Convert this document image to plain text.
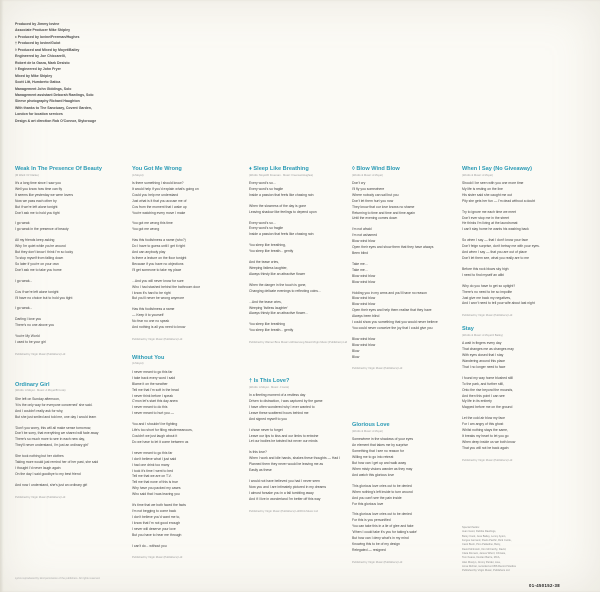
Produced by Jimmy Iovine
Associate Producer Mike Shipley
♦ Produced by Iovine/Freeman/Hughes
† Produced by Iovine/Guiot
◊ Produced and Mixed by Moyet/Bailey
Engineered by Joe Chiccarelli,
Robert de la Garza, Mark Desisto
◊ Engineered by John Fryer
Mixed by Mike Shipley
Scott Litt, Humberto Gatica
Management John Giddings, Solo
Management assistant Deborah Rawlings, Solo
Sleeve photography Richard Haughton
With thanks to The Sanctuary, Covent Garden,
London for location services
Design & art direction Rob O'Connor, Stylorouge
Weak In The Presence Of Beauty
(M Ward / R Clarke)
It's a long time since I saw you
Well you know how time can fly
It seems like yesterday we were lovers
Now we pass each other by
But if we're left alone tonight
Don't ask me to hold you tight
I go weak
I go weak in the presence of beauty
All my friends keep asking
Why I'm quiet while you're around
But they don't know I think I'm so lucky
To stop myself from falling down
So later if you're on your own
Don't ask me to take you home
I go weak...
Cos if we're left alone tonight
I'll have no choice but to hold you tight
I go weak...
Darling I love you
There's no one above you
You're My World
I used to be your girl
Published by Virgin Music (Publishers) Ltd
Ordinary Girl
(Words: A Moyet · Music: A Moyet/B Cook)
She left on Sunday afternoon,
'It is the only way for everyone concerned' she said.
And I couldn't really ask for why,
But she just smiled and told me, one day I would learn
'Don't you worry, this will all make sense tomorrow,
Don't be sorry, that everything we shared will fade away
There's so much more to see in each new day,
They'll never understand, I'm just an ordinary girl'
She took nothing but her clothes
Taking more would just remind her of her past, she said
I thought I'd never laugh again
On the day I said goodbye to my best friend
And now I understand, she's just an ordinary girl
Published by Virgin Music (Publishers) Ltd
You Got Me Wrong
(A Moyet)
Is there something I should know?
It would help if you'd explain what's going on
Could you help me understand
Just what is it that you accuse me of
Cos from the moment that I wake up
You're watching every move I make
You got me wrong this time
You got me wrong
Has this foolishness a name (who?)
Do I have to guess until I get it right
And can anybody play
Is there a lecture on the floor tonight
Because if you have no objections
I'll get someone to take my place
...And you will never know for sure
Who I had stashed behind the bathroom door
I know it's hard to be right
But you'll never be wrong anymore
Has this foolishness a name
— Keep it to yourself
No fear no one no speak
And nothing is all you need to know
Published by Virgin Music (Publishers) Ltd
Without You
(A Moyet)
I never meant to go this far
I take back every word I said
Blame it on the weather
Tell me that I'm soft in the head
I never think before I speak
C'mon let's start this day anew
I never meant to do this
I never meant to hurt you —
You and I shouldn't be fighting
Life's too short for filing misdemeanours,
Couldn't we just laugh about it
Do we have to let it come between us
I never meant to go this far
I don't believe what I just said
I had one drink too many
I took it's time I went to bed
Tell me that we are on T.V.
Tell me that none of this is true
Why have you packed my cases
Who said that I was leaving you
It's time that we both faced the facts
I'm not begging to come back
I don't believe you'd want me to,
I know that I'm not good enough
I never will deserve your love
But you have to hear me through
I can't do... without you
Published by Virgin Music (Publishers) Ltd
♦ Sleep Like Breathing
(Words: Moyet/D Freeman · Music: Freeman/Hughes)
Every word's so...
Every word's so fragile
Inside a passion that feels like chasing rain
When the slowness of the day is gone
Leaving shadow like feelings to depend upon
Every word's so...
Every word's so fragile
Inside a passion that feels like chasing rain
You sleep like breathing,
You sleep like breath... gently
And the tease cries,
Weeping listless laughter,
Always thirsty like an attractive flower
When the danger in the touch is gone,
Changing delicate evenings to reflecting coins...
...And the tease cries,
Weeping 'listless laughter'
Always thirsty like an attractive flower...
You sleep like breathing
You sleep like breath... gently
Published by Warner Bros Music Ltd/Intersong Music/Virgin Music (Publishers) Ltd
† Is This Love?
(Words: A Moyet · Music: J Guiot)
In a fleeting moment of a restless day
Driven to distraction, I was captured by the game
I have often wondered why I ever wanted to
Leave these scattered hours behind me
And signed myself to you
I chose never to forget
Leave our lips to kiss and our limbs to entwine
Let our bodies be twisted but never our minds
Is this love?
When I work and idle hands, shakes these thoughts — Had I
Planned them they never would be leaving me as
Easily as these
I would not have believed you had I never seen
Now you and I are intimately pictured in my dreams
I almost forsake you in a fall tumbling away
And if I live in wonderland I'm better off this way
Published by Virgin Music (Publishers) Ltd/RCA Music Ltd
◊ Blow Wind Blow
(Words & Music: A Moyet)
Don't cry
I'll fly you somewhere
Where nobody can sail but you
Don't let them hurt you now
They know that our love knows no shame
Returning to time and time and time again
Until the evening comes down
I'm not afraid
I'm not ashamed
Blow wind blow
Open their eyes and show them that they have always
Been blind
Take me...
Take me...
Blow wind blow
Blow wind blow
Holding you in my arms and you'll have no reason
Blow wind blow
Blow wind blow
Open their eyes and help them realise that they have
Always been blind
I could show you something that you would never believe
You could never conceive the joy that I could give you
Blow wind blow
Blow wind blow
Blow
Blow
Published by Virgin Music (Publishers) Ltd
Glorious Love
(Words & Music: A Moyet)
Somewhere in the shadows of your eyes
An element that takes me by surprise
Something that I see no reason for
Willing me to go into retreat
But how can I get up and walk away
When misty visions wander as they may
And watch this glorious love
This glorious love cries out to be denied
When nothing's left inside to turn around
And you can't see the pain inside
For this glorious love
This glorious love cries out to be denied
For this is you personified
You can take this in a lie of glee and fake
'When I could take it's you for taking's sake'
But how can I deny what's in my mind
Knowing this to be of my design
Relegated — resigned
Published by Virgin Music (Publishers) Ltd
When I Say (No Giveaway)
(Words & Music: A Moyet)
Should I be seen with you one more time
My life is resting on the line
His sister said she caught me out
Pity she gets her fun — I'm dead without a doubt
Try to ignore me each time we meet
Don't ever stop me in the street
He thinks I'm living at the laundromat
I can't stay home he wants his washing back
So when I say — that I don't know your face
Don't feign surprise, don't betray me with your eyes.
And when I say — that you are out of place
Don't let them see, what you really are to me
Before this rock blows sky high
I need to find myself an alibi
Why do you have to get so uptight?
There's no need to be so impolite
Just give me back my negatives,
And I won't need to tell your wife about last night
Published by Virgin Music (Publishers) Ltd
Stay
(Words & Music: A Moyet/J Bailey)
A wait in fingers every day
That changes me as changes may
With eyes closed that I stay
Wandering around this place
That I no longer need to face
I found my way home blushed still
To the park, and further still,
Onto the rise beyond the mounds,
And then this point I can see
My life in its entirety
Mapped before me on the ground
Let the cold air blow my face
For I am angry of this ghost
Whilst nothing stays the same,
It breaks my heart to let you go
When deep inside us we both know
That you will not be back again
Published by Virgin Music (Publishers) Ltd
Special thanks:
Jean Guiot, Debbie Rawlings,
Betsy Cook, Jess Bailey, Lenny Ayton,
Fergus Gerrand, Paulo Pacific, Rick Curtis,
Carol Bush, Pino Palladino, Betty,
David McIntosh, Kim McCarthy, David,
Clara Romani, James Whorl, Chrissie,
Tom Keane, Declan Barrie, MCA,
Alan Mostyn, Jimmy Parder, Lisa,
Anna Dichter, recorded at CBS Record Studios
Published by Virgin Music, Publishers Ltd
Lyrics reproduced by kind permission of the publishers. All rights reserved.
01-450152-38
